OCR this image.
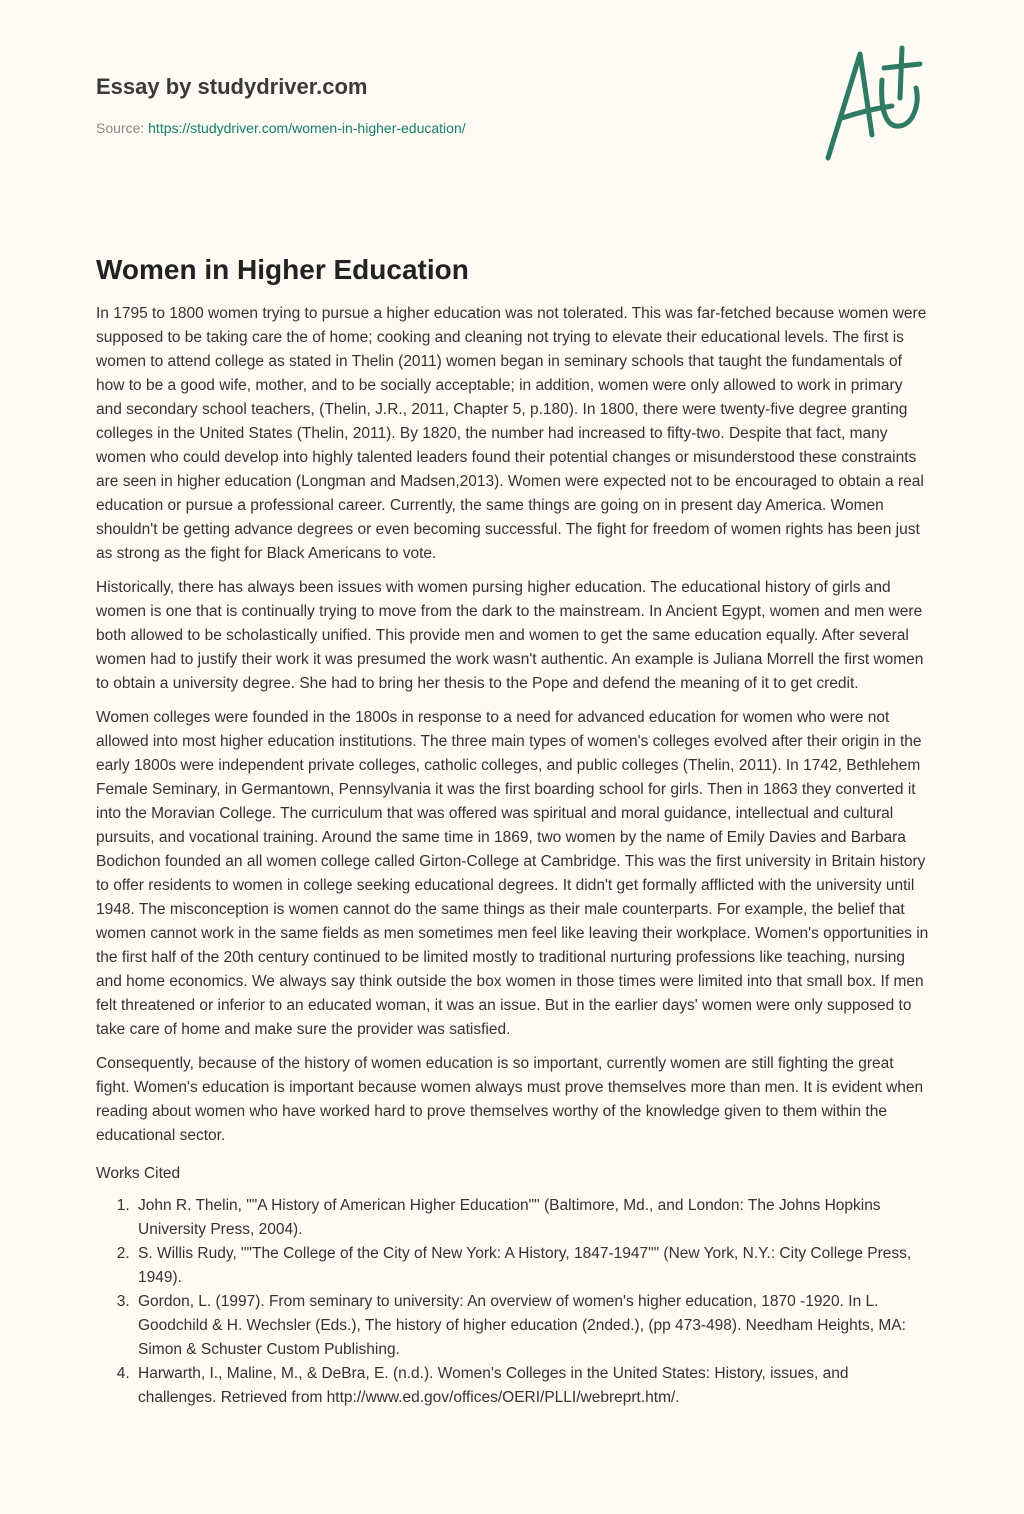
Essay by studydriver.com
Source: https://studydriver.com/women-in-higher-education/
Women in Higher Education

In 1795 to 1800 women trying to pursue a higher education was not tolerated. This was far-fetched because women were supposed to be taking care the of home; cooking and cleaning not trying to elevate their educational levels. The first is women to attend college as stated in Thelin (2011) women began in seminary schools that taught the fundamentals of how to be a good wife, mother, and to be socially acceptable; in addition, women were only allowed to work in primary and secondary school teachers, (Thelin, J.R., 2011, Chapter 5, p.180). In 1800, there were twenty-five degree granting colleges in the United States (Thelin, 2011). By 1820, the number had increased to fifty-two. Despite that fact, many women who could develop into highly talented leaders found their potential changes or misunderstood these constraints are seen in higher education (Longman and Madsen,2013). Women were expected not to be encouraged to obtain a real education or pursue a professional career. Currently, the same things are going on in present day America. Women shouldn't be getting advance degrees or even becoming successful. The fight for freedom of women rights has been just as strong as the fight for Black Americans to vote.

Historically, there has always been issues with women pursing higher education. The educational history of girls and women is one that is continually trying to move from the dark to the mainstream. In Ancient Egypt, women and men were both allowed to be scholastically unified. This provide men and women to get the same education equally. After several women had to justify their work it was presumed the work wasn't authentic. An example is Juliana Morrell the first women to obtain a university degree. She had to bring her thesis to the Pope and defend the meaning of it to get credit.

Women colleges were founded in the 1800s in response to a need for advanced education for women who were not allowed into most higher education institutions. The three main types of women's colleges evolved after their origin in the early 1800s were independent private colleges, catholic colleges, and public colleges (Thelin, 2011). In 1742, Bethlehem Female Seminary, in Germantown, Pennsylvania it was the first boarding school for girls. Then in 1863 they converted it into the Moravian College. The curriculum that was offered was spiritual and moral guidance, intellectual and cultural pursuits, and vocational training. Around the same time in 1869, two women by the name of Emily Davies and Barbara Bodichon founded an all women college called Girton-College at Cambridge. This was the first university in Britain history to offer residents to women in college seeking educational degrees. It didn't get formally afflicted with the university until 1948. The misconception is women cannot do the same things as their male counterparts. For example, the belief that women cannot work in the same fields as men sometimes men feel like leaving their workplace. Women's opportunities in the first half of the 20th century continued to be limited mostly to traditional nurturing professions like teaching, nursing and home economics. We always say think outside the box women in those times were limited into that small box. If men felt threatened or inferior to an educated woman, it was an issue. But in the earlier days' women were only supposed to take care of home and make sure the provider was satisfied.

Consequently, because of the history of women education is so important, currently women are still fighting the great fight. Women's education is important because women always must prove themselves more than men. It is evident when reading about women who have worked hard to prove themselves worthy of the knowledge given to them within the educational sector.

Works Cited

1. John R. Thelin, ""A History of American Higher Education"" (Baltimore, Md., and London: The Johns Hopkins University Press, 2004).
2. S. Willis Rudy, ""The College of the City of New York: A History, 1847-1947"" (New York, N.Y.: City College Press, 1949).
3. Gordon, L. (1997). From seminary to university: An overview of women's higher education, 1870 -1920. In L. Goodchild & H. Wechsler (Eds.), The history of higher education (2nded.), (pp 473-498). Needham Heights, MA: Simon & Schuster Custom Publishing.
4. Harwarth, I., Maline, M., & DeBra, E. (n.d.). Women's Colleges in the United States: History, issues, and challenges. Retrieved from http://www.ed.gov/offices/OERI/PLLI/webreprt.htm/.
